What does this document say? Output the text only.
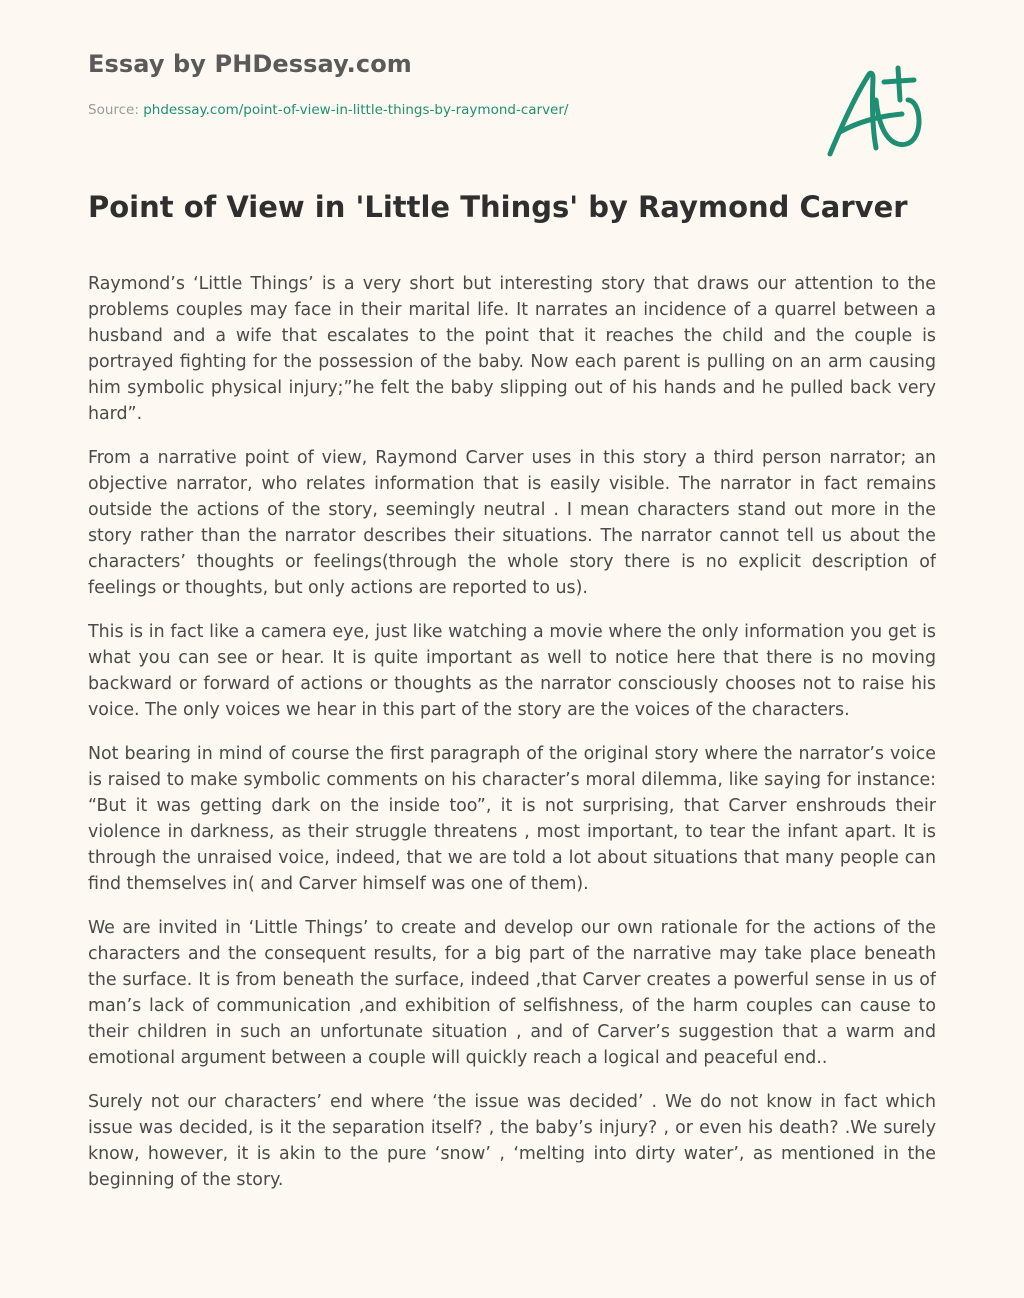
Essay by PHDessay.com
Source: phdessay.com/point-of-view-in-little-things-by-raymond-carver/
Point of View in 'Little Things' by Raymond Carver

Raymond’s ‘Little Things’ is a very short but interesting story that draws our attention to the problems couples may face in their marital life. It narrates an incidence of a quarrel between a husband and a wife that escalates to the point that it reaches the child and the couple is portrayed fighting for the possession of the baby. Now each parent is pulling on an arm causing him symbolic physical injury;”he felt the baby slipping out of his hands and he pulled back very hard”.

From a narrative point of view, Raymond Carver uses in this story a third person narrator; an objective narrator, who relates information that is easily visible. The narrator in fact remains outside the actions of the story, seemingly neutral . I mean characters stand out more in the story rather than the narrator describes their situations. The narrator cannot tell us about the characters’ thoughts or feelings(through the whole story there is no explicit description of feelings or thoughts, but only actions are reported to us).

This is in fact like a camera eye, just like watching a movie where the only information you get is what you can see or hear. It is quite important as well to notice here that there is no moving backward or forward of actions or thoughts as the narrator consciously chooses not to raise his voice. The only voices we hear in this part of the story are the voices of the characters.

Not bearing in mind of course the first paragraph of the original story where the narrator’s voice is raised to make symbolic comments on his character’s moral dilemma, like saying for instance: “But it was getting dark on the inside too”, it is not surprising, that Carver enshrouds their violence in darkness, as their struggle threatens , most important, to tear the infant apart. It is through the unraised voice, indeed, that we are told a lot about situations that many people can find themselves in( and Carver himself was one of them).

We are invited in ‘Little Things’ to create and develop our own rationale for the actions of the characters and the consequent results, for a big part of the narrative may take place beneath the surface. It is from beneath the surface, indeed ,that Carver creates a powerful sense in us of man’s lack of communication ,and exhibition of selfishness, of the harm couples can cause to their children in such an unfortunate situation , and of Carver’s suggestion that a warm and emotional argument between a couple will quickly reach a logical and peaceful end..

Surely not our characters’ end where ‘the issue was decided’ . We do not know in fact which issue was decided, is it the separation itself? , the baby’s injury? , or even his death? .We surely know, however, it is akin to the pure ‘snow’ , ‘melting into dirty water’, as mentioned in the beginning of the story.
